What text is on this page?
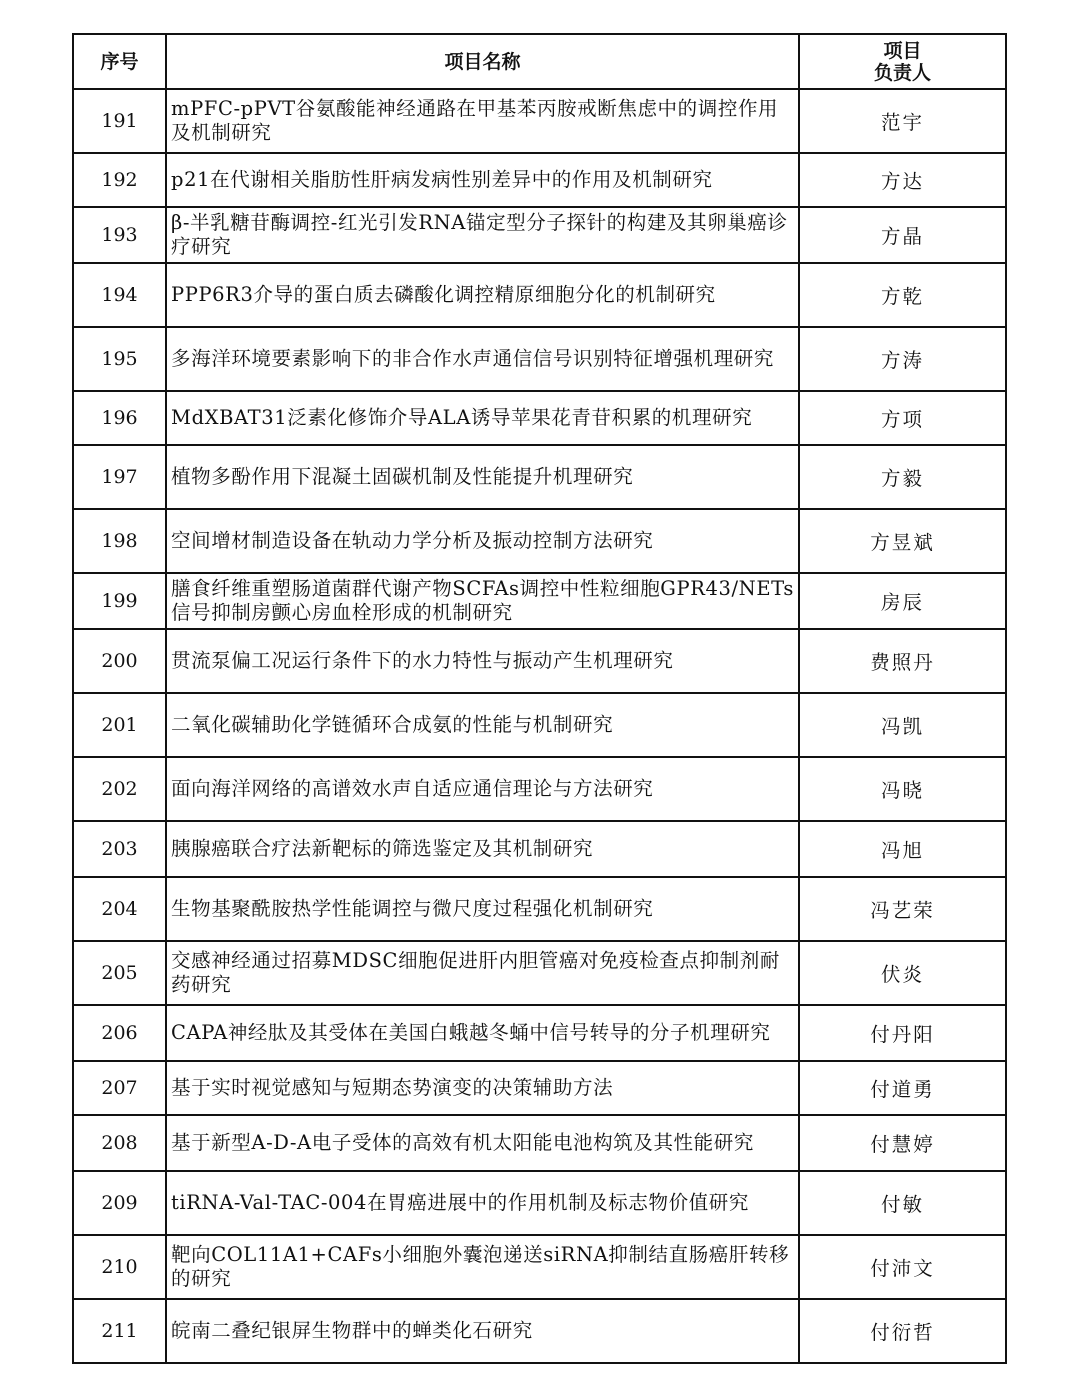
序号	项目名称	项目
负责人

191	mPFC-pPVT谷氨酸能神经通路在甲基苯丙胺戒断焦虑中的调控作用及机制研究	范宇
192	p21在代谢相关脂肪性肝病发病性别差异中的作用及机制研究	方达
193	β-半乳糖苷酶调控-红光引发RNA锚定型分子探针的构建及其卵巢癌诊疗研究	方晶
194	PPP6R3介导的蛋白质去磷酸化调控精原细胞分化的机制研究	方乾
195	多海洋环境要素影响下的非合作水声通信信号识别特征增强机理研究	方涛
196	MdXBAT31泛素化修饰介导ALA诱导苹果花青苷积累的机理研究	方项
197	植物多酚作用下混凝土固碳机制及性能提升机理研究	方毅
198	空间增材制造设备在轨动力学分析及振动控制方法研究	方昱斌
199	膳食纤维重塑肠道菌群代谢产物SCFAs调控中性粒细胞GPR43/NETs信号抑制房颤心房血栓形成的机制研究	房辰
200	贯流泵偏工况运行条件下的水力特性与振动产生机理研究	费照丹
201	二氧化碳辅助化学链循环合成氨的性能与机制研究	冯凯
202	面向海洋网络的高谱效水声自适应通信理论与方法研究	冯晓
203	胰腺癌联合疗法新靶标的筛选鉴定及其机制研究	冯旭
204	生物基聚酰胺热学性能调控与微尺度过程强化机制研究	冯艺荣
205	交感神经通过招募MDSC细胞促进肝内胆管癌对免疫检查点抑制剂耐药研究	伏炎
206	CAPA神经肽及其受体在美国白蛾越冬蛹中信号转导的分子机理研究	付丹阳
207	基于实时视觉感知与短期态势演变的决策辅助方法	付道勇
208	基于新型A-D-A电子受体的高效有机太阳能电池构筑及其性能研究	付慧婷
209	tiRNA-Val-TAC-004在胃癌进展中的作用机制及标志物价值研究	付敏
210	靶向COL11A1+CAFs小细胞外囊泡递送siRNA抑制结直肠癌肝转移的研究	付沛文
211	皖南二叠纪银屏生物群中的蝉类化石研究	付衍哲
